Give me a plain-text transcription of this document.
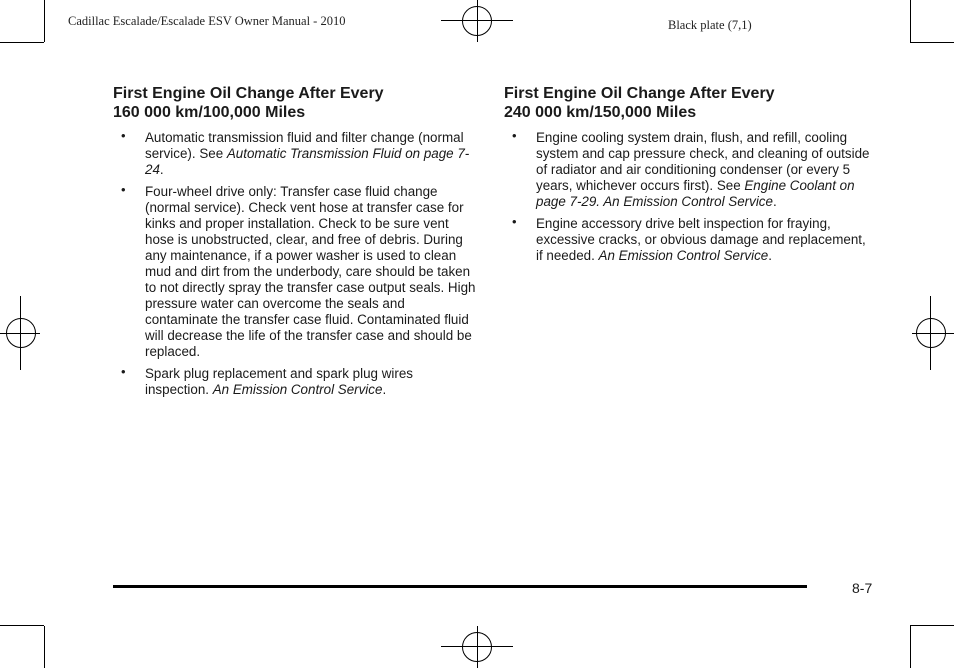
Cadillac Escalade/Escalade ESV Owner Manual - 2010	Black plate (7,1)
First Engine Oil Change After Every
160 000 km/100,000 Miles
• Automatic transmission fluid and filter change (normal service). See Automatic Transmission Fluid on page 7-24.
• Four-wheel drive only: Transfer case fluid change (normal service). Check vent hose at transfer case for kinks and proper installation. Check to be sure vent hose is unobstructed, clear, and free of debris. During any maintenance, if a power washer is used to clean mud and dirt from the underbody, care should be taken to not directly spray the transfer case output seals. High pressure water can overcome the seals and contaminate the transfer case fluid. Contaminated fluid will decrease the life of the transfer case and should be replaced.
• Spark plug replacement and spark plug wires inspection. An Emission Control Service.
First Engine Oil Change After Every
240 000 km/150,000 Miles
• Engine cooling system drain, flush, and refill, cooling system and cap pressure check, and cleaning of outside of radiator and air conditioning condenser (or every 5 years, whichever occurs first). See Engine Coolant on page 7-29. An Emission Control Service.
• Engine accessory drive belt inspection for fraying, excessive cracks, or obvious damage and replacement, if needed. An Emission Control Service.
8-7
